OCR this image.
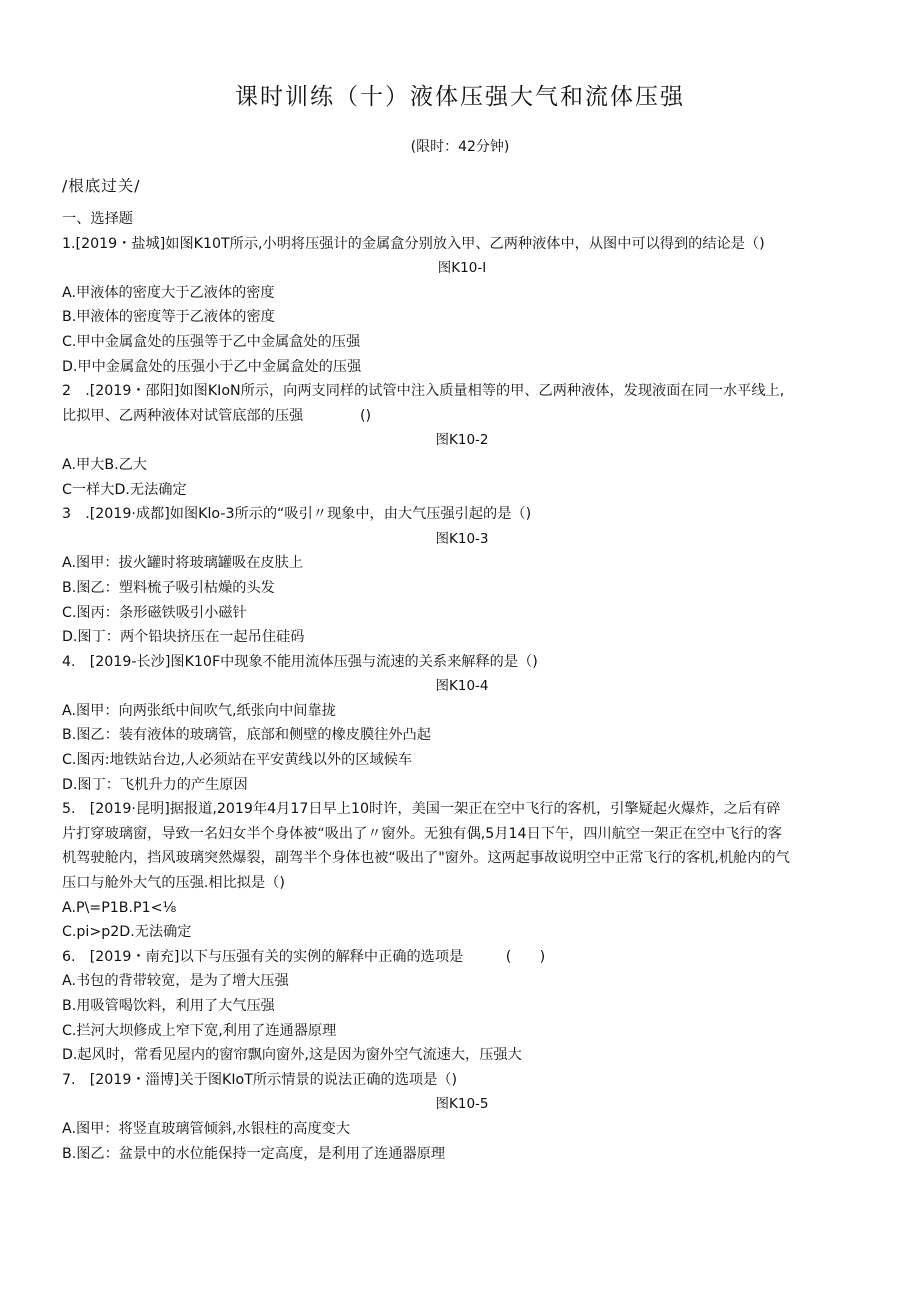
课时训练（十）液体压强大气和流体压强
(限时：42分钟)
/根底过关/
一、选择题
1.[2019・盐城]如图K10T所示,小明将压强计的金属盒分别放入甲、乙两种液体中，从图中可以得到的结论是（)
图K10-I
A.甲液体的密度大于乙液体的密度
B.甲液体的密度等于乙液体的密度
C.甲中金属盒处的压强等于乙中金属盒处的压强
D.甲中金属盒处的压强小于乙中金属盒处的压强
2　.[2019・邵阳]如图KIoN所示，向两支同样的试管中注入质量相等的甲、乙两种液体，发现液面在同一水平线上,
比拟甲、乙两种液体对试管底部的压强　　　　()
图K10-2
A.甲大B.乙大
C一样大D.无法确定
3　.[2019·成都]如图Klo-3所示的“吸引〃现象中，由大气压强引起的是（)
图K10-3
A.图甲：拔火罐时将玻璃罐吸在皮肤上
B.图乙：塑料梳子吸引枯燥的头发
C.图丙：条形磁铁吸引小磁针
D.图丁：两个铅块挤压在一起吊住硅码
4.　[2019-长沙]图K10F中现象不能用流体压强与流速的关系来解释的是（)
图K10-4
A.图甲：向两张纸中间吹气,纸张向中间靠拢
B.图乙：装有液体的玻璃管，底部和侧壁的橡皮膜往外凸起
C.图丙:地铁站台边,人必须站在平安黄线以外的区域候车
D.图丁：飞机升力的产生原因
5.　[2019·昆明]据报道,2019年4月17日早上10时许，美国一架正在空中飞行的客机，引擎疑起火爆炸，之后有碎
片打穿玻璃窗，导致一名妇女半个身体被“吸出了〃窗外。无独有偶,5月14日下午，四川航空一架正在空中飞行的客
机驾驶舱内，挡风玻璃突然爆裂，副驾半个身体也被“吸出了"窗外。这两起事故说明空中正常飞行的客机,机舱内的气
压口与舱外大气的压强.相比拟是（)
A.P\=P1B.P1<⅛
C.pi>p2D.无法确定
6.　[2019・南充]以下与压强有关的实例的解释中正确的选项是　　　(　　)
A.书包的背带较宽，是为了增大压强
B.用吸管喝饮料，利用了大气压强
C.拦河大坝修成上窄下宽,利用了连通器原理
D.起风时，常看见屋内的窗帘飘向窗外,这是因为窗外空气流速大，压强大
7.　[2019・淄博]关于图KIoT所示情景的说法正确的选项是（)
图K10-5
A.图甲：将竖直玻璃管倾斜,水银柱的高度变大
B.图乙：盆景中的水位能保持一定高度，是利用了连通器原理
